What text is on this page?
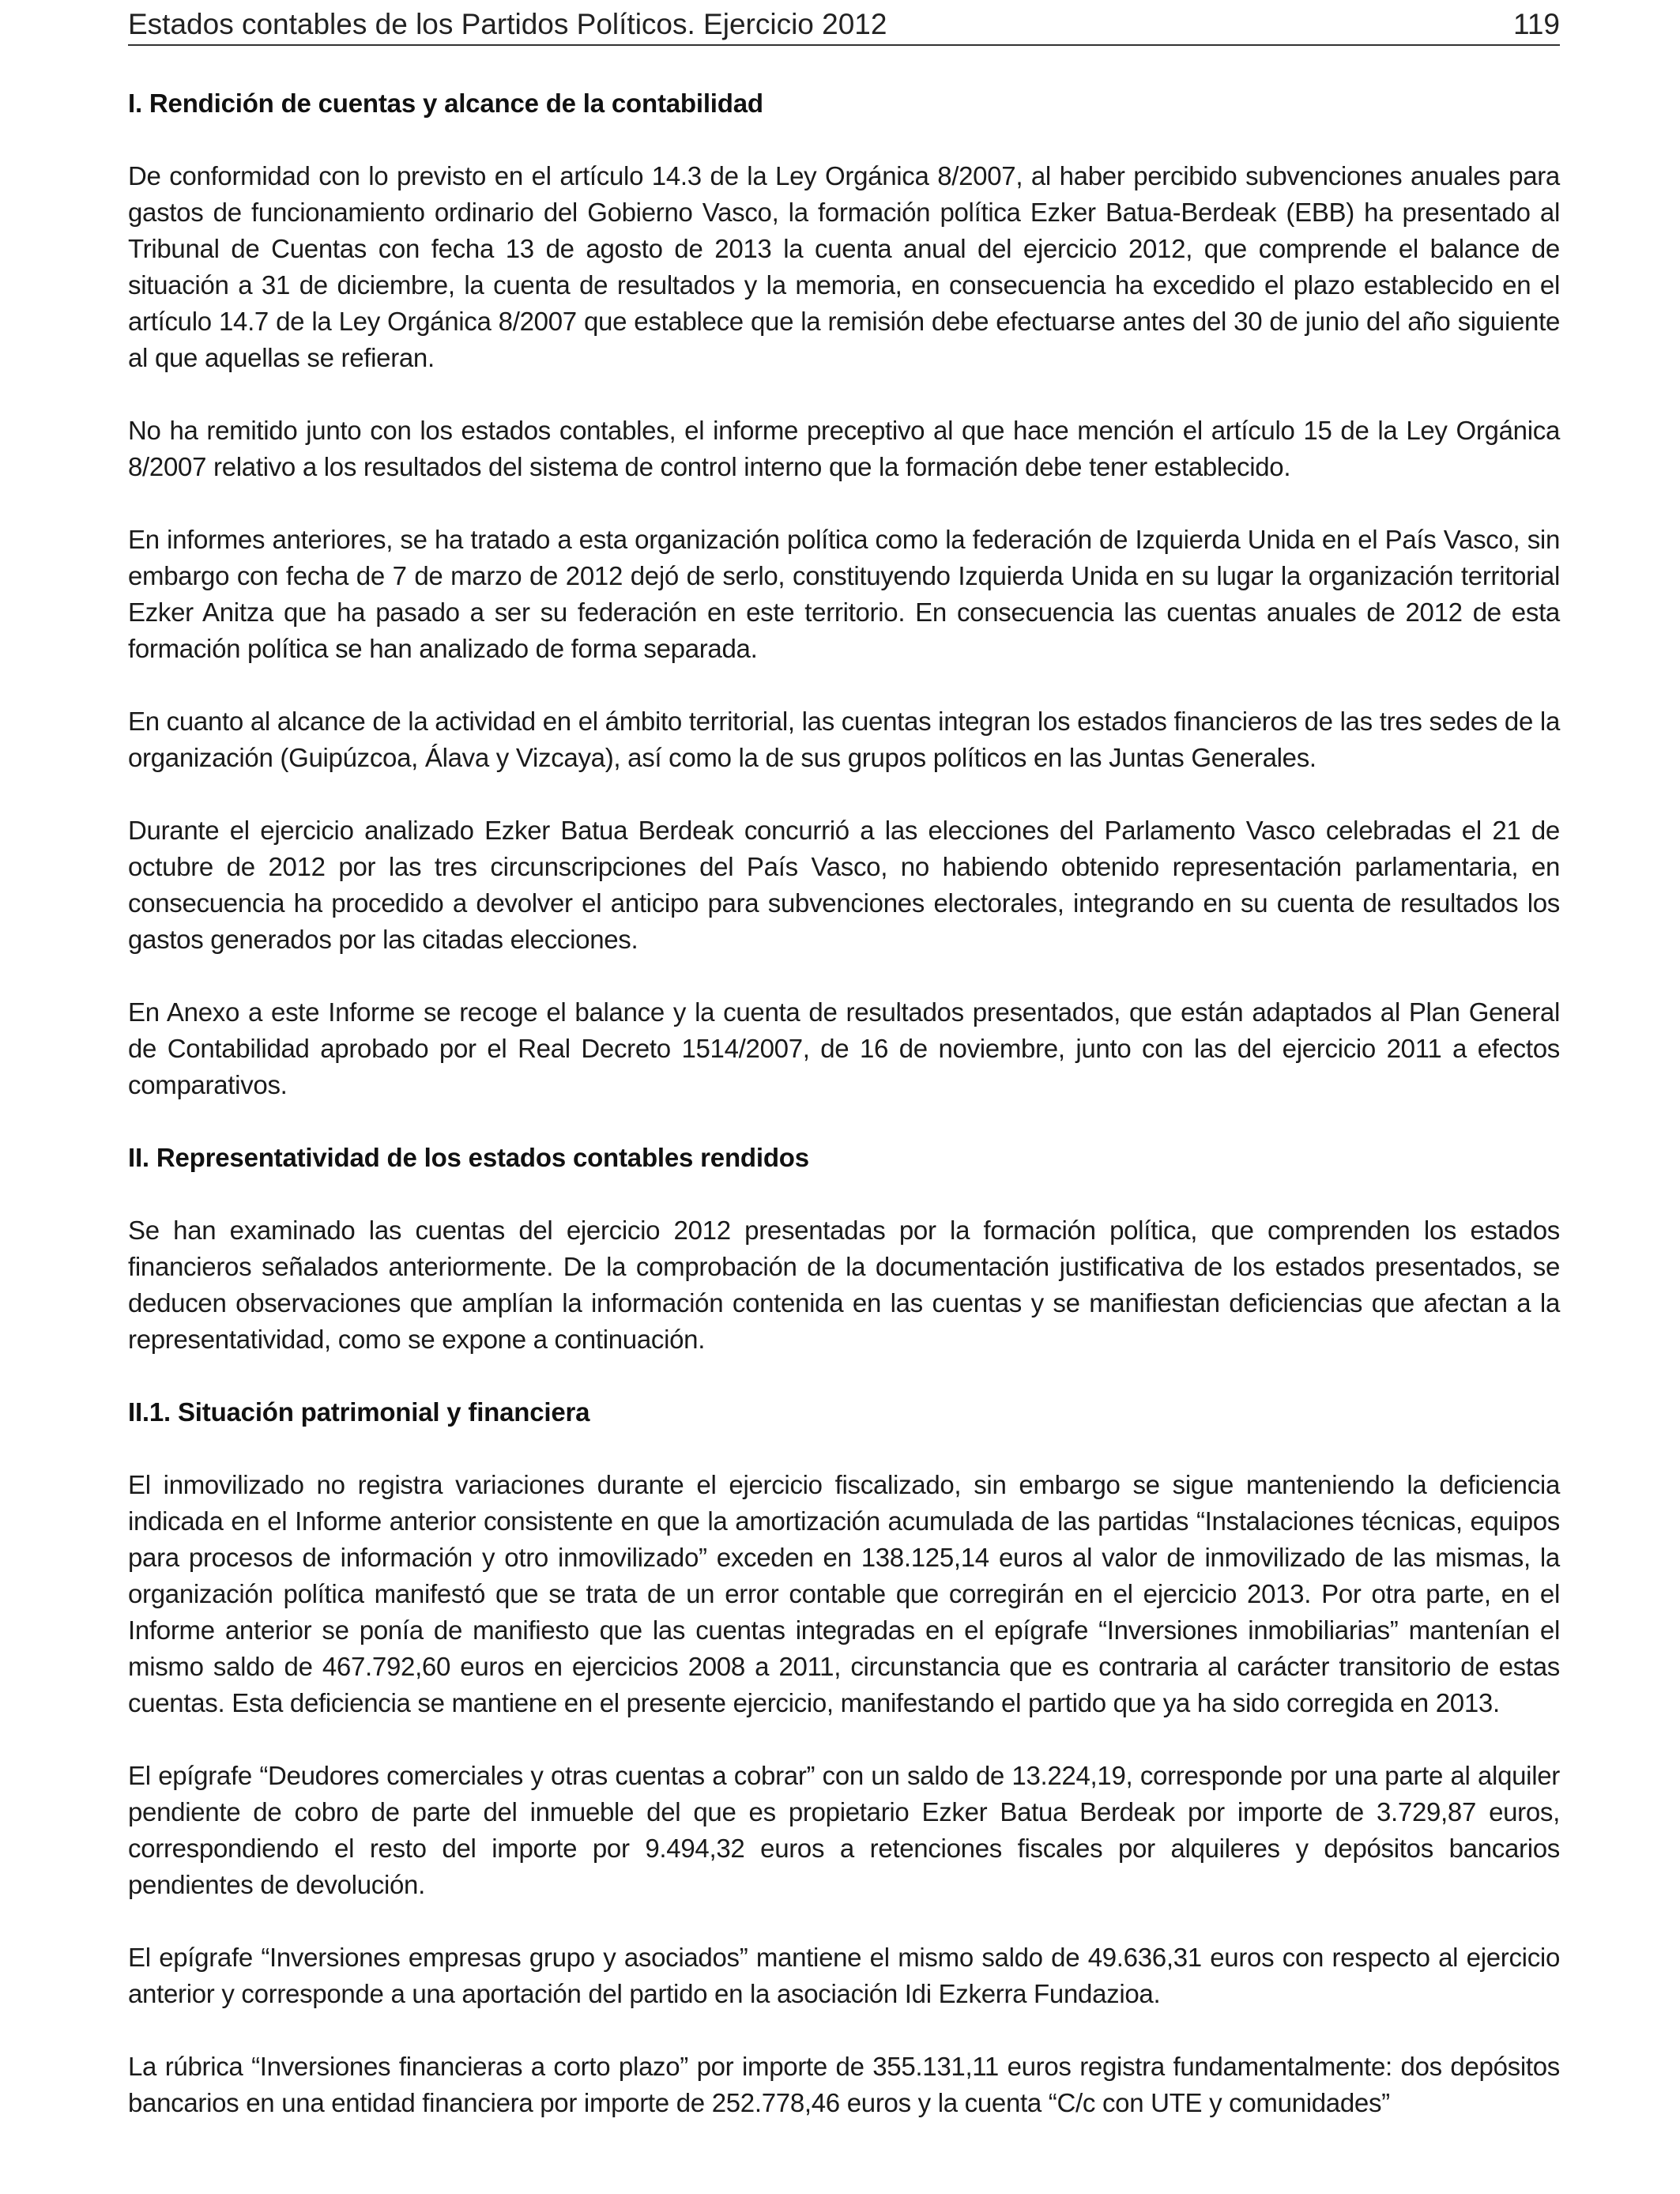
Estados contables de los Partidos Políticos. Ejercicio 2012	119
I. Rendición de cuentas y alcance de la contabilidad

De conformidad con lo previsto en el artículo 14.3 de la Ley Orgánica 8/2007, al haber percibido subvenciones anuales para gastos de funcionamiento ordinario del Gobierno Vasco, la formación política Ezker Batua-Berdeak (EBB) ha presentado al Tribunal de Cuentas con fecha 13 de agosto de 2013 la cuenta anual del ejercicio 2012, que comprende el balance de situación a 31 de diciembre, la cuenta de resultados y la memoria, en consecuencia ha excedido el plazo establecido en el artículo 14.7 de la Ley Orgánica 8/2007 que establece que la remisión debe efectuarse antes del 30 de junio del año siguiente al que aquellas se refieran.

No ha remitido junto con los estados contables, el informe preceptivo al que hace mención el artículo 15 de la Ley Orgánica 8/2007 relativo a los resultados del sistema de control interno que la formación debe tener establecido.

En informes anteriores, se ha tratado a esta organización política como la federación de Izquierda Unida en el País Vasco, sin embargo con fecha de 7 de marzo de 2012 dejó de serlo, constituyendo Izquierda Unida en su lugar la organización territorial Ezker Anitza que ha pasado a ser su federación en este territorio. En consecuencia las cuentas anuales de 2012 de esta formación política se han analizado de forma separada.

En cuanto al alcance de la actividad en el ámbito territorial, las cuentas integran los estados financieros de las tres sedes de la organización (Guipúzcoa, Álava y Vizcaya), así como la de sus grupos políticos en las Juntas Generales.

Durante el ejercicio analizado Ezker Batua Berdeak concurrió a las elecciones del Parlamento Vasco celebradas el 21 de octubre de 2012 por las tres circunscripciones del País Vasco, no habiendo obtenido representación parlamentaria, en consecuencia ha procedido a devolver el anticipo para subvenciones electorales, integrando en su cuenta de resultados los gastos generados por las citadas elecciones.

En Anexo a este Informe se recoge el balance y la cuenta de resultados presentados, que están adaptados al Plan General de Contabilidad aprobado por el Real Decreto 1514/2007, de 16 de noviembre, junto con las del ejercicio 2011 a efectos comparativos.

II. Representatividad de los estados contables rendidos

Se han examinado las cuentas del ejercicio 2012 presentadas por la formación política, que comprenden los estados financieros señalados anteriormente. De la comprobación de la documentación justificativa de los estados presentados, se deducen observaciones que amplían la información contenida en las cuentas y se manifiestan deficiencias que afectan a la representatividad, como se expone a continuación.

II.1. Situación patrimonial y financiera

El inmovilizado no registra variaciones durante el ejercicio fiscalizado, sin embargo se sigue manteniendo la deficiencia indicada en el Informe anterior consistente en que la amortización acumulada de las partidas “Instalaciones técnicas, equipos para procesos de información y otro inmovilizado” exceden en 138.125,14 euros al valor de inmovilizado de las mismas, la organización política manifestó que se trata de un error contable que corregirán en el ejercicio 2013. Por otra parte, en el Informe anterior se ponía de manifiesto que las cuentas integradas en el epígrafe “Inversiones inmobiliarias” mantenían el mismo saldo de 467.792,60 euros en ejercicios 2008 a 2011, circunstancia que es contraria al carácter transitorio de estas cuentas. Esta deficiencia se mantiene en el presente ejercicio, manifestando el partido que ya ha sido corregida en 2013.

El epígrafe “Deudores comerciales y otras cuentas a cobrar” con un saldo de 13.224,19, corresponde por una parte al alquiler pendiente de cobro de parte del inmueble del que es propietario Ezker Batua Berdeak por importe de 3.729,87 euros, correspondiendo el resto del importe por 9.494,32 euros a retenciones fiscales por alquileres y depósitos bancarios pendientes de devolución.

El epígrafe “Inversiones empresas grupo y asociados” mantiene el mismo saldo de 49.636,31 euros con respecto al ejercicio anterior y corresponde a una aportación del partido en la asociación Idi Ezkerra Fundazioa.

La rúbrica “Inversiones financieras a corto plazo” por importe de 355.131,11 euros registra fundamentalmente: dos depósitos bancarios en una entidad financiera por importe de 252.778,46 euros y la cuenta “C/c con UTE y comunidades”
